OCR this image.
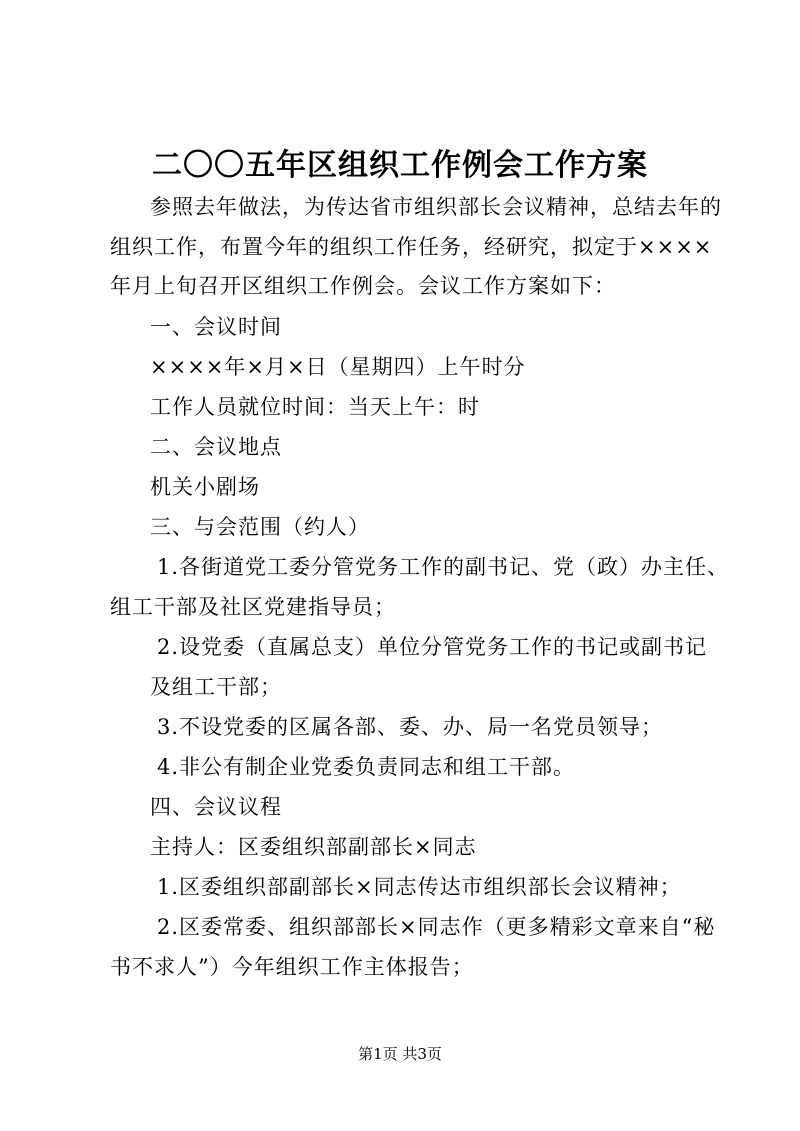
二〇〇五年区组织工作例会工作方案
参照去年做法，为传达省市组织部长会议精神，总结去年的
组织工作，布置今年的组织工作任务，经研究，拟定于××××
年月上旬召开区组织工作例会。会议工作方案如下：
一、会议时间
××××年×月×日（星期四）上午时分
工作人员就位时间：当天上午：时
二、会议地点
机关小剧场
三、与会范围（约人）
1.各街道党工委分管党务工作的副书记、党（政）办主任、
组工干部及社区党建指导员；
2.设党委（直属总支）单位分管党务工作的书记或副书记
及组工干部；
3.不设党委的区属各部、委、办、局一名党员领导；
4.非公有制企业党委负责同志和组工干部。
四、会议议程
主持人：区委组织部副部长×同志
1.区委组织部副部长×同志传达市组织部长会议精神；
2.区委常委、组织部部长×同志作（更多精彩文章来自“秘
书不求人”）今年组织工作主体报告；
第1页 共3页
